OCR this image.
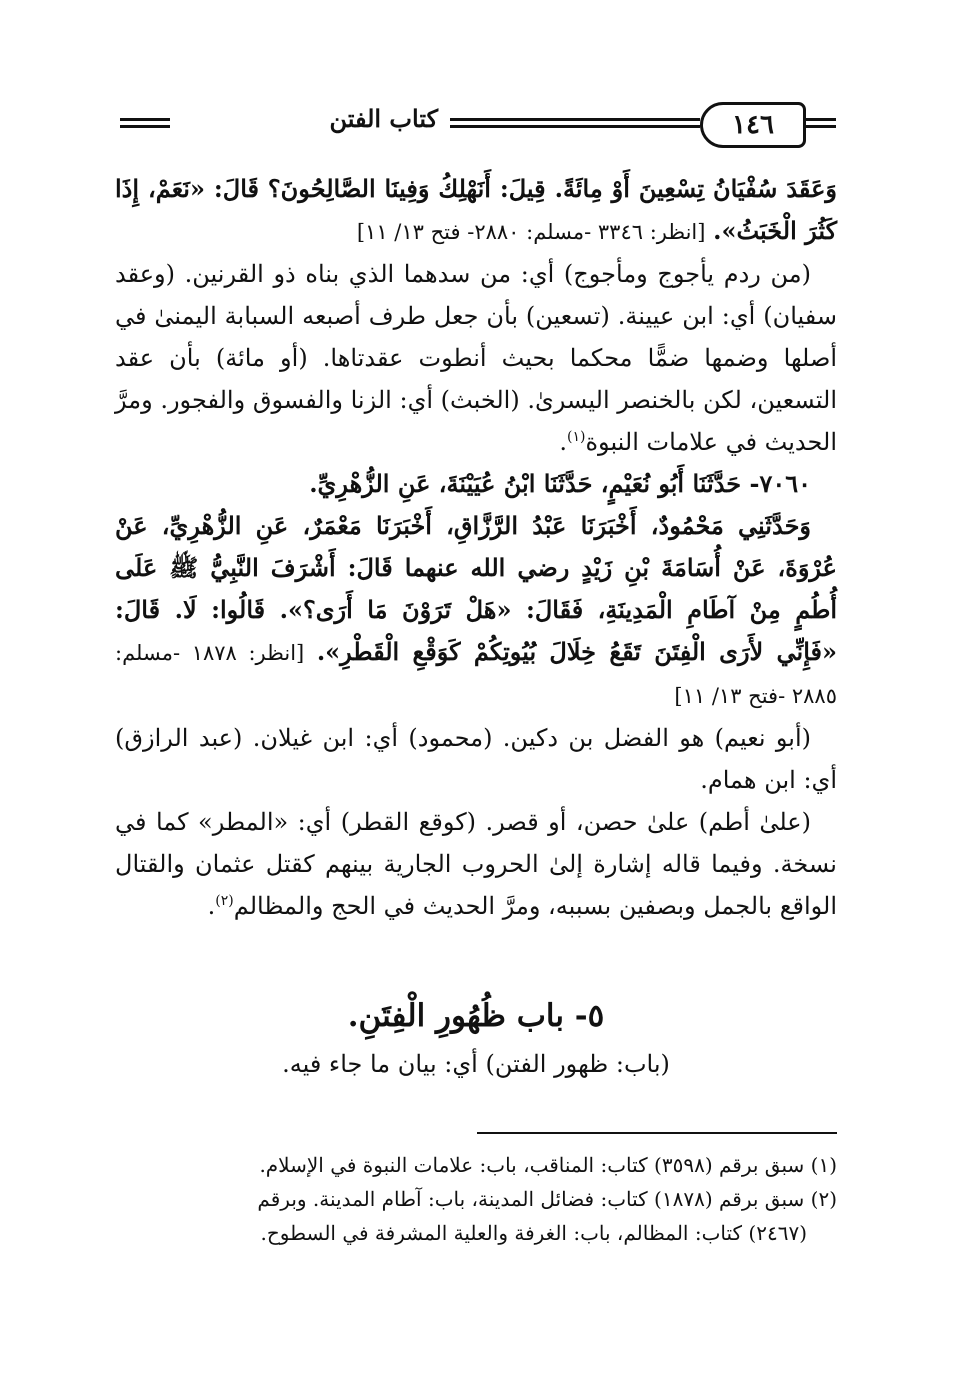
١٤٦
كتاب الفتن

وَعَقَدَ سُفْيَانُ تِسْعِينَ أَوْ مِائَةً. قِيلَ: أَنَهْلِكُ وَفِينَا الصَّالِحُونَ؟ قَالَ: «نَعَمْ، إِذَا كَثُرَ الْخَبَثُ». [انظر: ٣٣٤٦ -مسلم: ٢٨٨٠- فتح ١٣/ ١١]

(من ردم يأجوج ومأجوج) أي: من سدهما الذي بناه ذو القرنين. (وعقد سفيان) أي: ابن عيينة. (تسعين) بأن جعل طرف أصبعه السبابة اليمنىٰ في أصلها وضمها ضمًّا محكما بحيث أنطوت عقدتاها. (أو مائة) بأن عقد التسعين، لكن بالخنصر اليسرىٰ. (الخبث) أي: الزنا والفسوق والفجور. ومرَّ الحديث في علامات النبوة$^{(١)}$.

٧٠٦٠- حَدَّثَنَا أَبُو نُعَيْمٍ، حَدَّثَنَا ابْنُ عُيَيْنَةَ، عَنِ الزُّهْرِيِّ.

وَحَدَّثَنِي مَحْمُودٌ، أَخْبَرَنَا عَبْدُ الرَّزَّاقِ، أَخْبَرَنَا مَعْمَرٌ، عَنِ الزُّهْرِيِّ، عَنْ عُرْوَةَ، عَنْ أُسَامَةَ بْنِ زَيْدٍ رضي الله عنهما قَالَ: أَشْرَفَ النَّبِيُّ ﷺ عَلَى أُطُمٍ مِنْ آطَامِ الْمَدِينَةِ، فَقَالَ: «هَلْ تَرَوْنَ مَا أَرَى؟». قَالُوا: لَا. قَالَ: «فَإِنِّي لأَرَى الْفِتَنَ تَقَعُ خِلَالَ بُيُوتِكُمْ كَوَقْعِ الْقَطْرِ». [انظر: ١٨٧٨ -مسلم: ٢٨٨٥ -فتح ١٣/ ١١]

(أبو نعيم) هو الفضل بن دكين. (محمود) أي: ابن غيلان. (عبد الرازق) أي: ابن همام.

(علىٰ أطم) علىٰ حصن، أو قصر. (كوقع القطر) أي: «المطر» كما في نسخة. وفيما قاله إشارة إلىٰ الحروب الجارية بينهم كقتل عثمان والقتال الواقع بالجمل وبصفين بسببه، ومرَّ الحديث في الحج والمظالم$^{(٢)}$.

٥- باب ظُهُورِ الْفِتَنِ.
(باب: ظهور الفتن) أي: بيان ما جاء فيه.

(١) سبق برقم (٣٥٩٨) كتاب: المناقب، باب: علامات النبوة في الإسلام.

(٢) سبق برقم (١٨٧٨) كتاب: فضائل المدينة، باب: آطام المدينة. وبرقم

(٢٤٦٧) كتاب: المظالم، باب: الغرفة والعلية المشرفة في السطوح.
